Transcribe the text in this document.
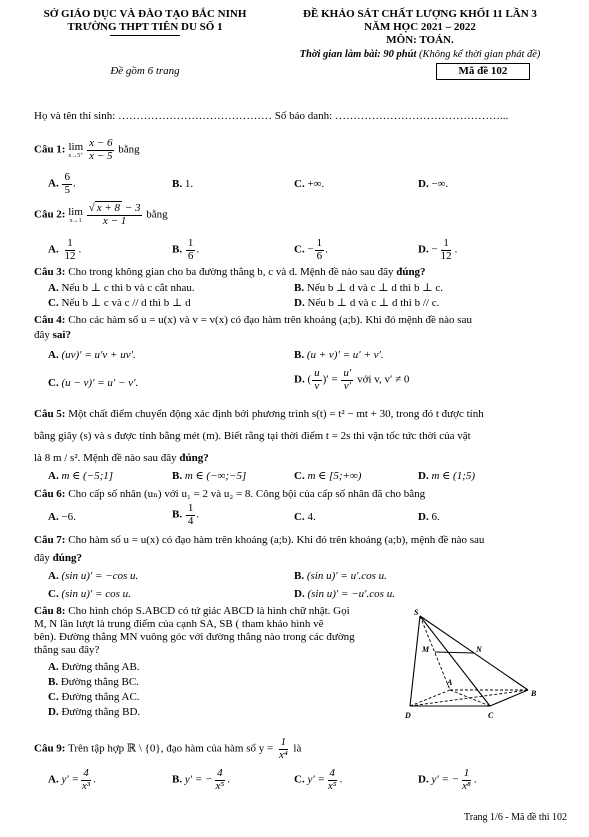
SỞ GIÁO DỤC VÀ ĐÀO TẠO BẮC NINH
TRƯỜNG THPT TIÊN DU SỐ 1
Đề gồm 6 trang
ĐỀ KHẢO SÁT CHẤT LƯỢNG KHỐI 11 LẦN 3
NĂM HỌC 2021 – 2022
MÔN: TOÁN.
Thời gian làm bài: 90 phút (Không kể thời gian phát đề)
Mã đề 102
Họ và tên thí sinh: …………………………………… Số báo danh: ………………………………………...
Câu 1: lim
x→5⁺
$\frac{x - 6}{x - 5}$ bằng
A. $\frac{6}{5}$ .	B. 1.	C. +∞.	D. −∞.
Câu 2: lim
x→1
$\frac{√ x + 8 - 3}{x - 1}$ bằng
A. $\frac{1}{12}$ .	B. $\frac{1}{6}$ .	C. − $\frac{1}{6}$ .	D. − $\frac{1}{12}$ .
Câu 3: Cho trong không gian cho ba đường thẳng b, c và d. Mệnh đề nào sau đây đúng?
A. Nếu b ⊥ c thì b và c cắt nhau.	B. Nếu b ⊥ d và c ⊥ d thì b ⊥ c.
C. Nếu b ⊥ c và c // d thì b ⊥ d	D. Nếu b ⊥ d và c ⊥ d thì b // c.
Câu 4: Cho các hàm số u = u(x) và v = v(x) có đạo hàm trên khoảng (a;b). Khi đó mệnh đề nào sau
đây sai?
A. (uv)′ = u′v + uv′.	B. (u + v)′ = u′ + v′.
C. (u − v)′ = u′ − v′.	D. ( $\frac{u}{v}$ )′ = $\frac{u'}{v'}$ với v, v′ ≠ 0
Câu 5: Một chất điểm chuyển động xác định bởi phương trình s(t) = t² − mt + 30, trong đó t được tính
bằng giây (s) và s được tính bằng mét (m). Biết rằng tại thời điểm t = 2s thì vận tốc tức thời của vật
là 8 m / s². Mệnh đề nào sau đây đúng?
A. m ∈ (−5;1]	B. m ∈ (−∞;−5]	C. m ∈ [5;+∞)	D. m ∈ (1;5)
Câu 6: Cho cấp số nhân (uₙ) với u₁ = 2 và u₂ = 8. Công bội của cấp số nhân đã cho bằng
A. −6.	B. $\frac{1}{4}$ .	C. 4.	D. 6.
Câu 7: Cho hàm số u = u(x) có đạo hàm trên khoảng (a;b). Khi đó trên khoảng (a;b), mệnh đề nào sau
đây đúng?
A. (sin u)′ = −cos u.	B. (sin u)′ = u′.cos u.
C. (sin u)′ = cos u.	D. (sin u)′ = −u′.cos u.
Câu 8: Cho hình chóp S.ABCD có tứ giác ABCD là hình chữ nhật. Gọi
M, N lần lượt là trung điểm của cạnh SA, SB ( tham khảo hình vẽ
bên). Đường thẳng MN vuông góc với đường thẳng nào trong các đường
thẳng sau đây?
A. Đường thẳng AB.
B. Đường thẳng BC.
C. Đường thẳng AC.
D. Đường thẳng BD.
S
M	N
A
B
C
D
Câu 9: Trên tập hợp ℝ \ {0}, đạo hàm của hàm số $y = \frac{1}{\text{x⁴}}$ là
A. $y' = \frac{4}{\text{x³}}$ .	B. y′ = − $\frac{4}{\text{x⁵}}$ .	C. $y' = \frac{4}{\text{x⁵}}$ .	D. y′ = − $\frac{1}{\text{x⁸}}$ .
Trang 1/6 - Mã đề thi 102
